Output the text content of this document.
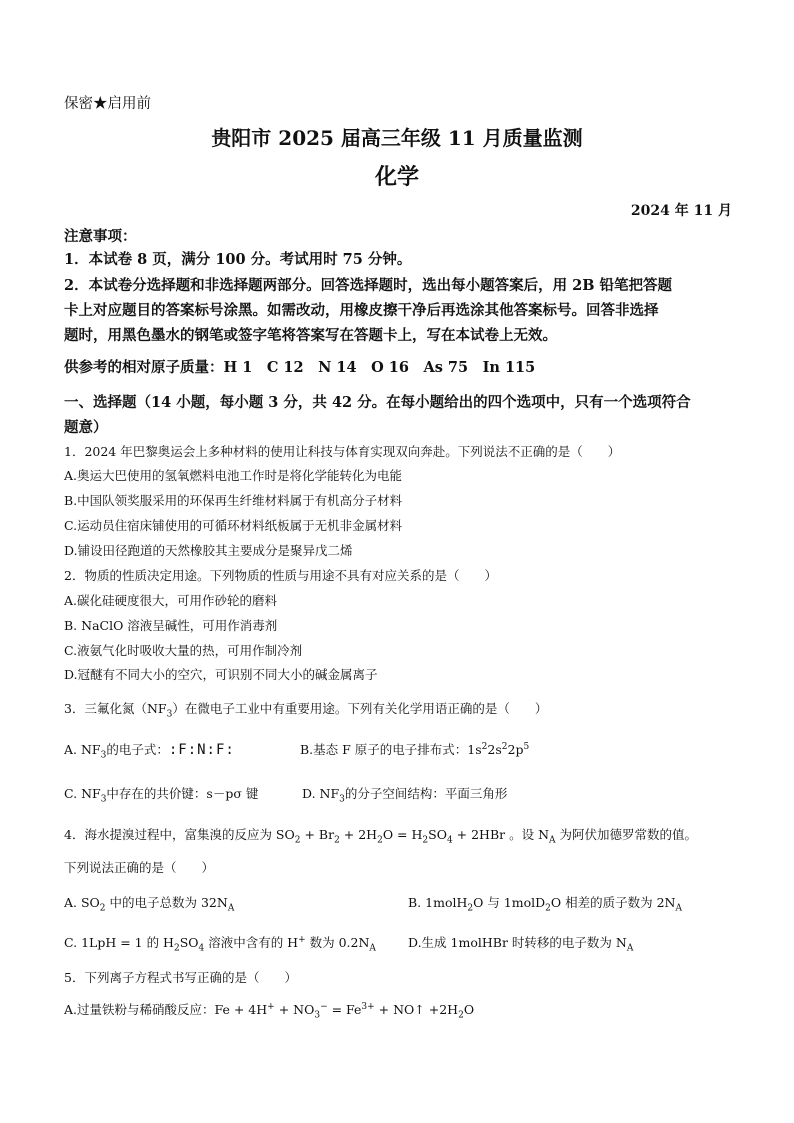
保密★启用前
贵阳市 2025 届高三年级 11 月质量监测
化学
2024 年 11 月
注意事项：
1．本试卷 8 页，满分 100 分。考试用时 75 分钟。
2．本试卷分选择题和非选择题两部分。回答选择题时，选出每小题答案后，用 2B 铅笔把答题
卡上对应题目的答案标号涂黑。如需改动，用橡皮擦干净后再选涂其他答案标号。回答非选择
题时，用黑色墨水的钢笔或签字笔将答案写在答题卡上，写在本试卷上无效。
供参考的相对原子质量：H 1　C 12　N 14　O 16　As 75　In 115
一、选择题（14 小题，每小题 3 分，共 42 分。在每小题给出的四个选项中，只有一个选项符合
题意）
1．2024 年巴黎奥运会上多种材料的使用让科技与体育实现双向奔赴。下列说法不正确的是（　　）
A.奥运大巴使用的氢氧燃料电池工作时是将化学能转化为电能
B.中国队领奖服采用的环保再生纤维材料属于有机高分子材料
C.运动员住宿床铺使用的可循环材料纸板属于无机非金属材料
D.铺设田径跑道的天然橡胶其主要成分是聚异戊二烯
2．物质的性质决定用途。下列物质的性质与用途不具有对应关系的是（　　）
A.碳化硅硬度很大，可用作砂轮的磨料
B. NaClO 溶液呈碱性，可用作消毒剂
C.液氨气化时吸收大量的热，可用作制冷剂
D.冠醚有不同大小的空穴，可识别不同大小的碱金属离子
3．三氟化氮$(NF_3)$在微电子工业中有重要用途。下列有关化学用语正确的是（　　）
A. $NF_3$的电子式：:F:N:F:	B.基态 F 原子的电子排布式：$1s^22s^22p^5$
C. $NF_3$中存在的共价键：s－pσ 键	D. $NF_3$的分子空间结构：平面三角形
4．海水提溴过程中，富集溴的反应为 $SO_2 + Br_2 + 2H_2O = H_2SO_4 + 2HBr$ 。设 $N_A$ 为阿伏加德罗常数的值。
下列说法正确的是（　　）
A. $SO_2$ 中的电子总数为 $32N_A$	B. 1molH$_2$O 与 1molD$_2$O 相差的质子数为 $2N_A$
C. 1LpH = 1 的 $H_2SO_4$ 溶液中含有的 H+ 数为 $0.2N_A$	D.生成 1molHBr 时转移的电子数为 $N_A$
5．下列离子方程式书写正确的是（　　）
A.过量铁粉与稀硝酸反应：$Fe + 4H^+ + NO_3^- = Fe^{3+}$ + NO↑ $+2H_2O$
